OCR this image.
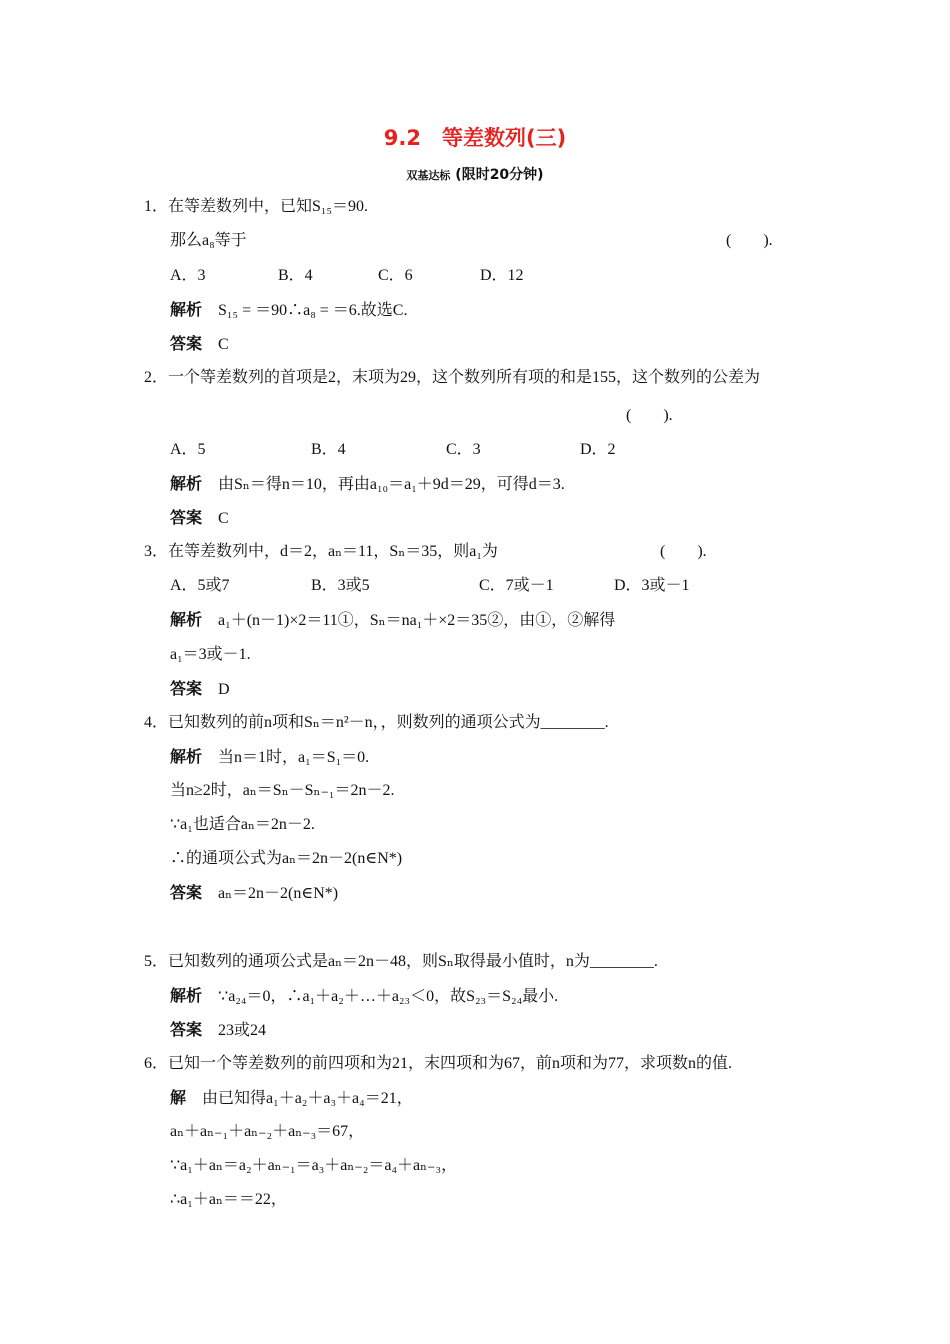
9.2　等差数列(三)
双基达标 (限时20分钟)
1．在等差数列中，已知S₁₅＝90.
那么a₈等于	(　　).
A．3	B．4	C．6	D．12
解析 S₁₅ = ＝90∴a₈ = ＝6.故选C.
答案 C
2．一个等差数列的首项是2，末项为29，这个数列所有项的和是155，这个数列的公差为
(　　).
A．5	B．4	C．3	D．2
解析 由Sₙ＝得n＝10，再由a₁₀＝a₁＋9d＝29，可得d＝3.
答案 C
3．在等差数列中，d＝2，aₙ＝11，Sₙ＝35，则a₁为	(　　).
A．5或7	B．3或5	C．7或－1	D．3或－1
解析 a₁＋(n－1)×2＝11①，Sₙ＝na₁＋×2＝35②，由①，②解得
a₁＝3或－1.
答案 D
4．已知数列的前n项和Sₙ＝n²－n，，则数列的通项公式为________.
解析 当n＝1时，a₁＝S₁＝0.
当n≥2时，aₙ＝Sₙ－Sₙ₋₁＝2n－2.
∵a₁也适合aₙ＝2n－2.
∴的通项公式为aₙ＝2n－2(n∈N*)
答案 aₙ＝2n－2(n∈N*)
5．已知数列的通项公式是aₙ＝2n－48，则Sₙ取得最小值时，n为________.
解析 ∵a₂₄＝0，∴a₁＋a₂＋…＋a₂₃＜0，故S₂₃＝S₂₄最小.
答案 23或24
6．已知一个等差数列的前四项和为21，末四项和为67，前n项和为77，求项数n的值.
解 由已知得a₁＋a₂＋a₃＋a₄＝21，
aₙ＋aₙ₋₁＋aₙ₋₂＋aₙ₋₃＝67，
∵a₁＋aₙ＝a₂＋aₙ₋₁＝a₃＋aₙ₋₂＝a₄＋aₙ₋₃，
∴a₁＋aₙ＝＝22，
